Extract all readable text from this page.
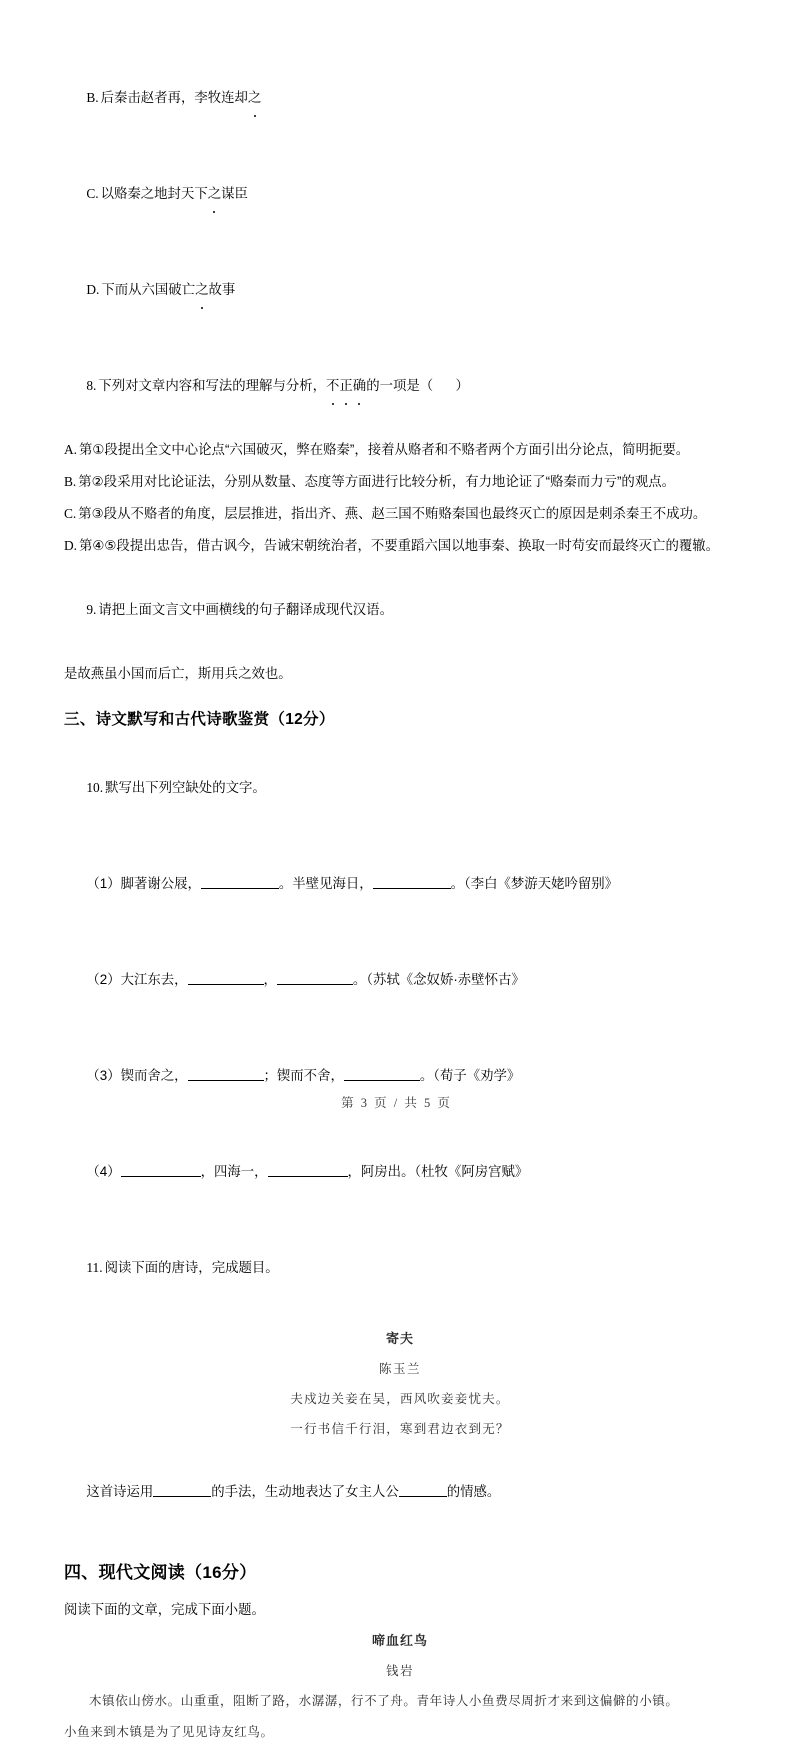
B. 后秦击赵者再，李牧连却之

C. 以赂秦之地封天下之谋臣

D. 下而从六国破亡之故事

8. 下列对文章内容和写法的理解与分析，不正确的一项是（      ）

A. 第①段提出全文中心论点“六国破灭，弊在赂秦”，接着从赂者和不赂者两个方面引出分论点，简明扼要。
B. 第②段采用对比论证法，分别从数量、态度等方面进行比较分析，有力地论证了“赂秦而力亏”的观点。
C. 第③段从不赂者的角度，层层推进，指出齐、燕、赵三国不贿赂秦国也最终灭亡的原因是刺杀秦王不成功。
D. 第④⑤段提出忠告，借古讽今，告诫宋朝统治者，不要重蹈六国以地事秦、换取一时苟安而最终灭亡的覆辙。

9. 请把上面文言文中画横线的句子翻译成现代汉语。

是故燕虽小国而后亡，斯用兵之效也。
三、诗文默写和古代诗歌鉴赏（12分）

10. 默写出下列空缺处的文字。

（1）脚著谢公屐，	。半壁见海日，	。（李白《梦游天姥吟留别》

（2）大江东去，	，	。（苏轼《念奴娇·赤壁怀古》

（3）锲而舍之，	；锲而不舍，	。（荀子《劝学》

（4）	，四海一，	，阿房出。（杜牧《阿房宫赋》

11. 阅读下面的唐诗，完成题目。

寄夫
陈玉兰
夫戍边关妾在吴，西风吹妾妾忧夫。
一行书信千行泪，寒到君边衣到无？

这首诗运用	的手法，生动地表达了女主人公	的情感。

四、现代文阅读（16分）
阅读下面的文章，完成下面小题。
啼血红鸟
钱岩
木镇依山傍水。山重重，阻断了路，水潺潺，行不了舟。青年诗人小鱼费尽周折才来到这偏僻的小镇。
小鱼来到木镇是为了见见诗友红鸟。
第 3 页 / 共 5 页
